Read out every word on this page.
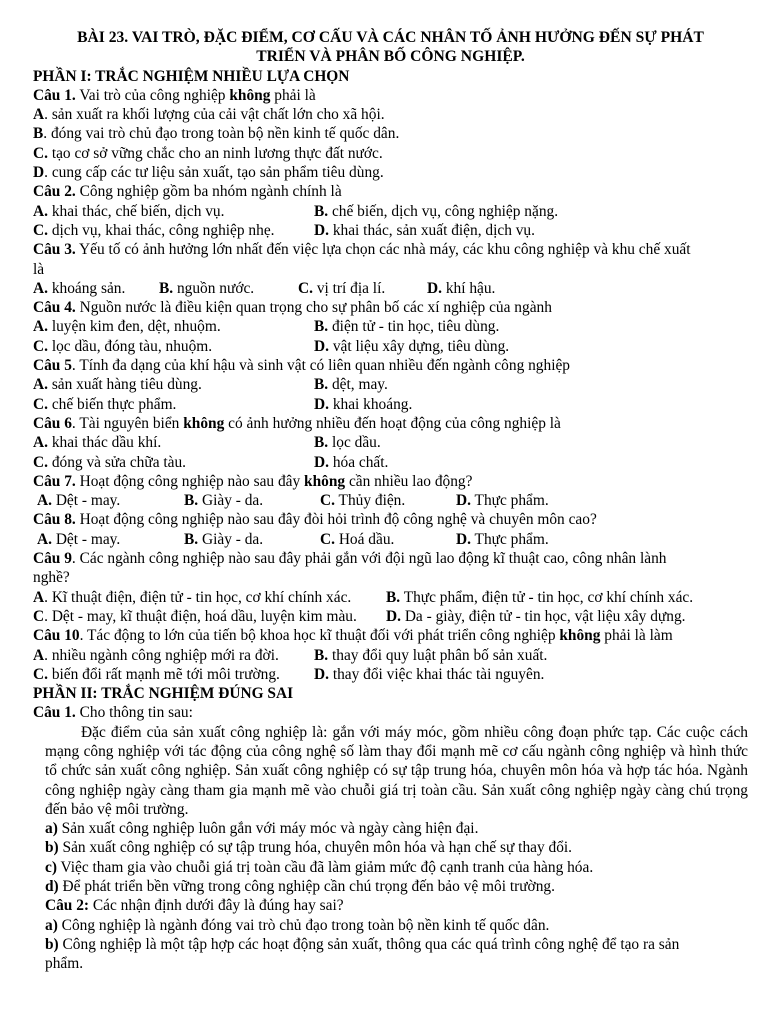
BÀI 23. VAI TRÒ, ĐẶC ĐIỂM, CƠ CẤU VÀ CÁC NHÂN TỐ ẢNH HƯỞNG ĐẾN SỰ PHÁT
TRIỂN VÀ PHÂN BỐ CÔNG NGHIỆP.

PHẦN I: TRẮC NGHIỆM NHIỀU LỰA CHỌN

Câu 1. Vai trò của công nghiệp không phải là

A. sản xuất ra khối lượng của cải vật chất lớn cho xã hội.

B. đóng vai trò chủ đạo trong toàn bộ nền kinh tế quốc dân.

C. tạo cơ sở vững chắc cho an ninh lương thực đất nước.

D. cung cấp các tư liệu sản xuất, tạo sản phẩm tiêu dùng.

Câu 2. Công nghiệp gồm ba nhóm ngành chính là

A. khai thác, chế biến, dịch vụ.	B. chế biến, dịch vụ, công nghiệp nặng.
C. dịch vụ, khai thác, công nghiệp nhẹ.	D. khai thác, sản xuất điện, dịch vụ.

Câu 3. Yếu tố có ảnh hưởng lớn nhất đến việc lựa chọn các nhà máy, các khu công nghiệp và khu chế xuất

là

A. khoáng sản.	B. nguồn nước.	C. vị trí địa lí.	D. khí hậu.

Câu 4. Nguồn nước là điều kiện quan trọng cho sự phân bố các xí nghiệp của ngành

A. luyện kim đen, dệt, nhuộm.	B. điện tử - tin học, tiêu dùng.
C. lọc dầu, đóng tàu, nhuộm.	D. vật liệu xây dựng, tiêu dùng.

Câu 5. Tính đa dạng của khí hậu và sinh vật có liên quan nhiều đến ngành công nghiệp

A. sản xuất hàng tiêu dùng.	B. dệt, may.
C. chế biến thực phẩm.	D. khai khoáng.

Câu 6. Tài nguyên biển không có ảnh hưởng nhiều đến hoạt động của công nghiệp là

A. khai thác dầu khí.	B. lọc dầu.
C. đóng và sửa chữa tàu.	D. hóa chất.

Câu 7. Hoạt động công nghiệp nào sau đây không cần nhiều lao động?

A. Dệt - may.	B. Giày - da.	C. Thủy điện.	D. Thực phẩm.

Câu 8. Hoạt động công nghiệp nào sau đây đòi hỏi trình độ công nghệ và chuyên môn cao?

A. Dệt - may.	B. Giày - da.	C. Hoá dầu.	D. Thực phẩm.

Câu 9. Các ngành công nghiệp nào sau đây phải gắn với đội ngũ lao động kĩ thuật cao, công nhân lành

nghề?

A. Kĩ thuật điện, điện tử - tin học, cơ khí chính xác.	B. Thực phẩm, điện tử - tin học, cơ khí chính xác.
C. Dệt - may, kĩ thuật điện, hoá dầu, luyện kim màu.	D. Da - giày, điện tử - tin học, vật liệu xây dựng.

Câu 10. Tác động to lớn của tiến bộ khoa học kĩ thuật đối với phát triển công nghiệp không phải là làm

A. nhiều ngành công nghiệp mới ra đời.	B. thay đổi quy luật phân bố sản xuất.
C. biến đổi rất mạnh mẽ tới môi trường.	D. thay đổi việc khai thác tài nguyên.

PHẦN II: TRẮC NGHIỆM ĐÚNG SAI

Câu 1. Cho thông tin sau:

Đặc điểm của sản xuất công nghiệp là: gắn với máy móc, gồm nhiều công đoạn phức tạp. Các cuộc cách mạng công nghiệp với tác động của công nghệ số làm thay đổi mạnh mẽ cơ cấu ngành công nghiệp và hình thức tổ chức sản xuất công nghiệp. Sản xuất công nghiệp có sự tập trung hóa, chuyên môn hóa và hợp tác hóa. Ngành công nghiệp ngày càng tham gia mạnh mẽ vào chuỗi giá trị toàn cầu. Sản xuất công nghiệp ngày càng chú trọng đến bảo vệ môi trường.

a) Sản xuất công nghiệp luôn gắn với máy móc và ngày càng hiện đại.

b) Sản xuất công nghiệp có sự tập trung hóa, chuyên môn hóa và hạn chế sự thay đổi.

c) Việc tham gia vào chuỗi giá trị toàn cầu đã làm giảm mức độ cạnh tranh của hàng hóa.

d) Để phát triển bền vững trong công nghiệp cần chú trọng đến bảo vệ môi trường.

Câu 2: Các nhận định dưới đây là đúng hay sai?

a) Công nghiệp là ngành đóng vai trò chủ đạo trong toàn bộ nền kinh tế quốc dân.

b) Công nghiệp là một tập hợp các hoạt động sản xuất, thông qua các quá trình công nghệ để tạo ra sản

phẩm.
